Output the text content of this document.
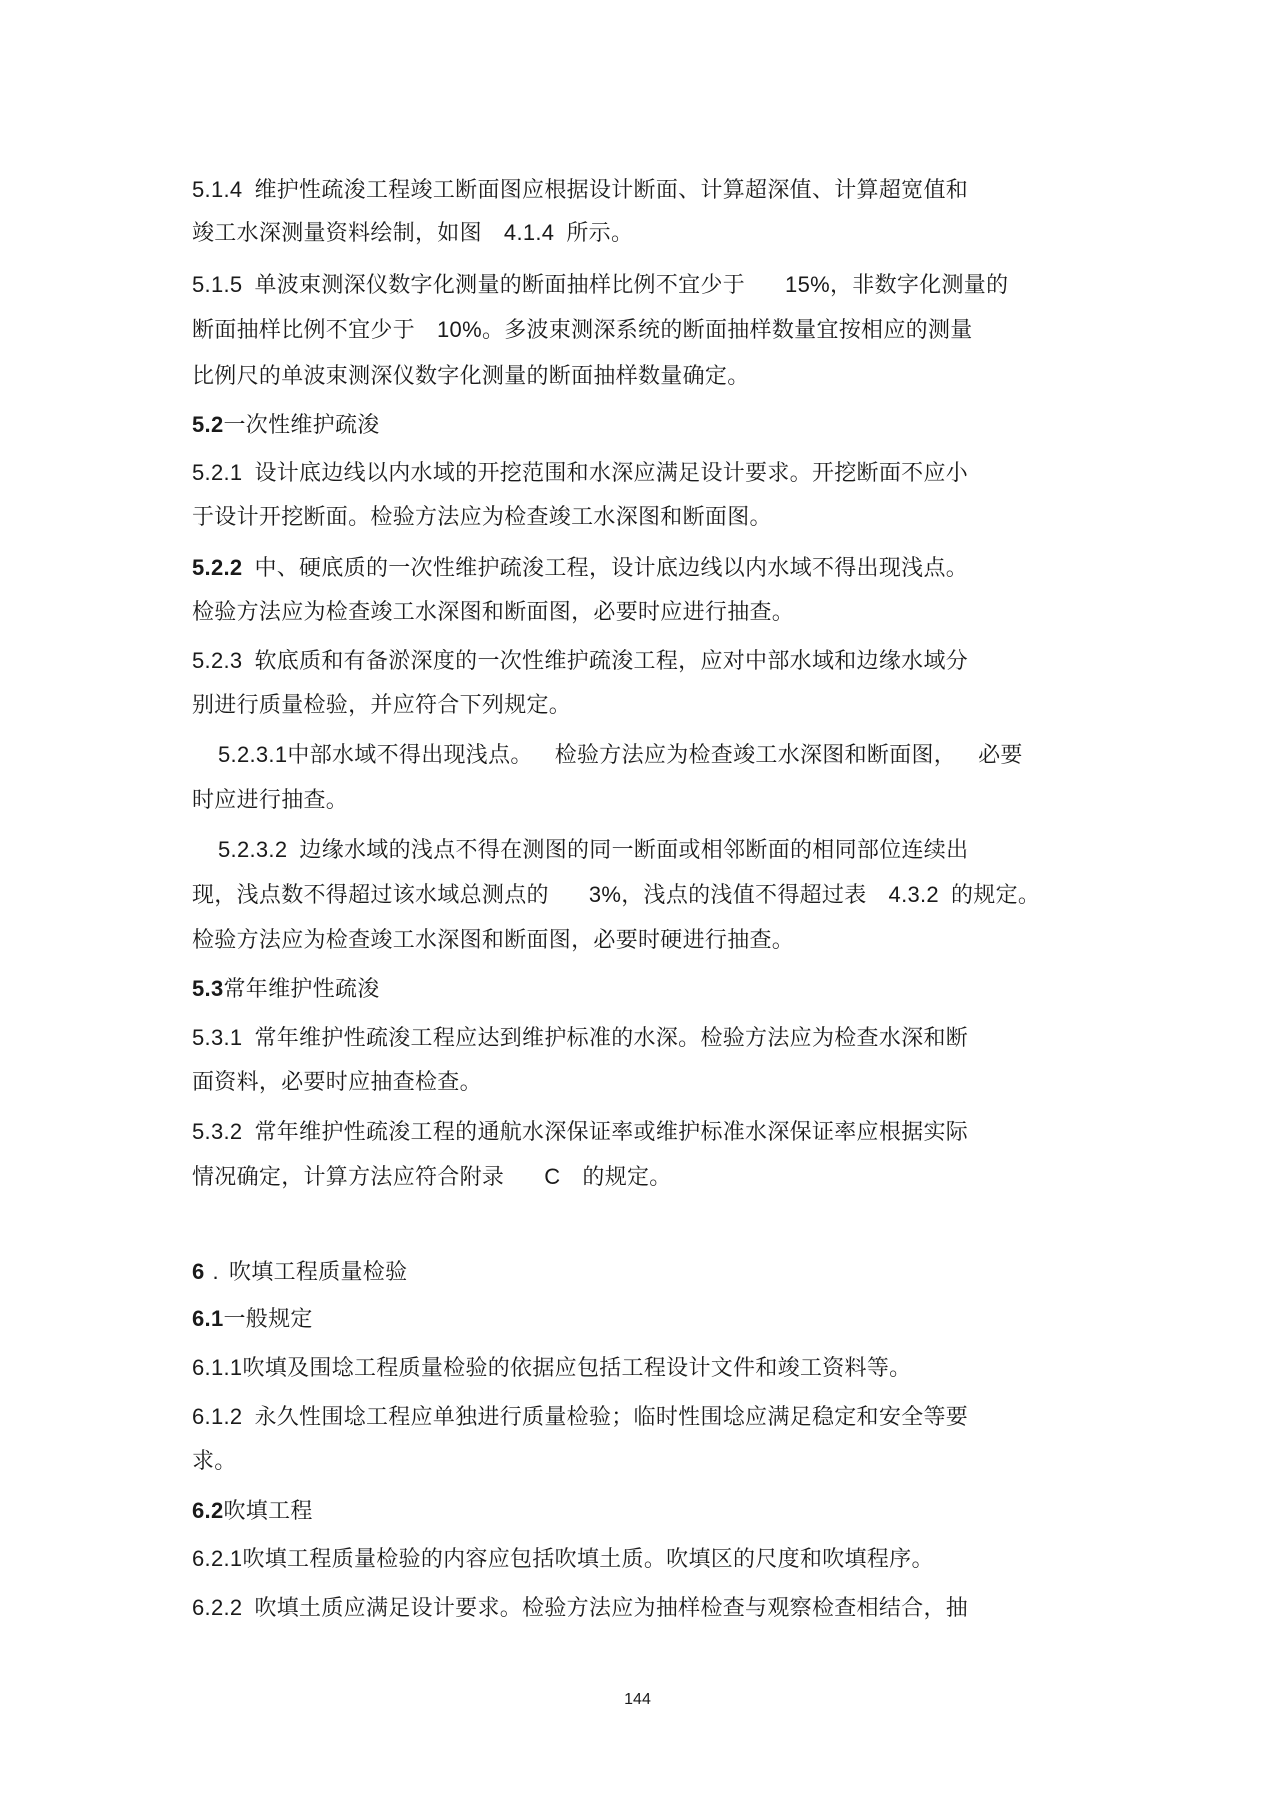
5.1.4 维护性疏浚工程竣工断面图应根据设计断面、计算超深值、计算超宽值和

竣工水深测量资料绘制，如图 4.1.4 所示。

5.1.5 单波束测深仪数字化测量的断面抽样比例不宜少于 15%，非数字化测量的

断面抽样比例不宜少于 10%。多波束测深系统的断面抽样数量宜按相应的测量

比例尺的单波束测深仪数字化测量的断面抽样数量确定。

5.2一次性维护疏浚

5.2.1 设计底边线以内水域的开挖范围和水深应满足设计要求。开挖断面不应小

于设计开挖断面。检验方法应为检查竣工水深图和断面图。

5.2.2 中、硬底质的一次性维护疏浚工程，设计底边线以内水域不得出现浅点。

检验方法应为检查竣工水深图和断面图，必要时应进行抽查。

5.2.3 软底质和有备淤深度的一次性维护疏浚工程，应对中部水域和边缘水域分

别进行质量检验，并应符合下列规定。

5.2.3.1中部水域不得出现浅点。 检验方法应为检查竣工水深图和断面图， 必要

时应进行抽查。

5.2.3.2 边缘水域的浅点不得在测图的同一断面或相邻断面的相同部位连续出

现，浅点数不得超过该水域总测点的 3%，浅点的浅值不得超过表 4.3.2 的规定。

检验方法应为检查竣工水深图和断面图，必要时硬进行抽查。

5.3常年维护性疏浚

5.3.1 常年维护性疏浚工程应达到维护标准的水深。检验方法应为检查水深和断

面资料，必要时应抽查检查。

5.3.2 常年维护性疏浚工程的通航水深保证率或维护标准水深保证率应根据实际

情况确定，计算方法应符合附录 C 的规定。

6 . 吹填工程质量检验

6.1一般规定

6.1.1吹填及围埝工程质量检验的依据应包括工程设计文件和竣工资料等。

6.1.2 永久性围埝工程应单独进行质量检验；临时性围埝应满足稳定和安全等要

求。

6.2吹填工程

6.2.1吹填工程质量检验的内容应包括吹填土质。吹填区的尺度和吹填程序。

6.2.2 吹填土质应满足设计要求。检验方法应为抽样检查与观察检查相结合，抽

144
